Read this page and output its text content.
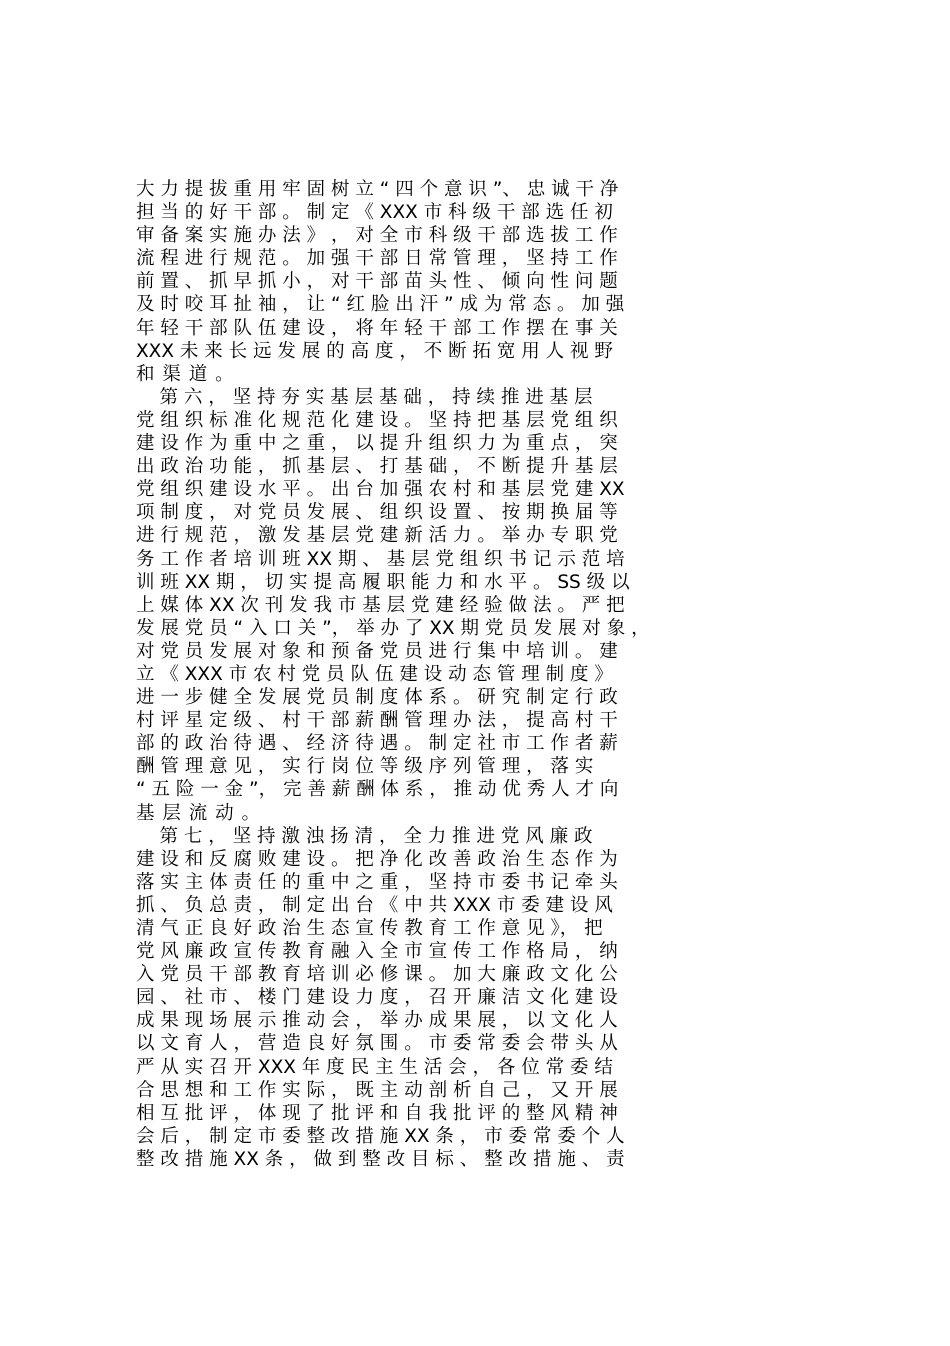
大 力 提 拔 重 用 牢 固 树 立 “ 四 个 意 识 ”、 忠 诚 干 净
担 当 的 好 干 部 。 制 定 《 XXX 市 科 级 干 部 选 任 初
审 备 案 实 施 办 法 》 ， 对 全 市 科 级 干 部 选 拔 工 作
流 程 进 行 规 范 。 加 强 干 部 日 常 管 理 ， 坚 持 工 作
前 置 、 抓 早 抓 小 ， 对 干 部 苗 头 性 、 倾 向 性 问 题
及 时 咬 耳 扯 袖 ， 让 “ 红 脸 出 汗 ” 成 为 常 态 。 加 强
年 轻 干 部 队 伍 建 设 ， 将 年 轻 干 部 工 作 摆 在 事 关
XXX 未 来 长 远 发 展 的 高 度 ， 不 断 拓 宽 用 人 视 野
和 渠 道 。
第 六 ， 坚 持 夯 实 基 层 基 础 ， 持 续 推 进 基 层
党 组 织 标 准 化 规 范 化 建 设 。 坚 持 把 基 层 党 组 织
建 设 作 为 重 中 之 重 ， 以 提 升 组 织 力 为 重 点 ， 突
出 政 治 功 能 ， 抓 基 层 、 打 基 础 ， 不 断 提 升 基 层
党 组 织 建 设 水 平 。 出 台 加 强 农 村 和 基 层 党 建 XX
项 制 度 ， 对 党 员 发 展 、 组 织 设 置 、 按 期 换 届 等
进 行 规 范 ， 激 发 基 层 党 建 新 活 力 。 举 办 专 职 党
务 工 作 者 培 训 班 XX 期 、 基 层 党 组 织 书 记 示 范 培
训 班 XX 期 ， 切 实 提 高 履 职 能 力 和 水 平 。 SS 级 以
上 媒 体 XX 次 刊 发 我 市 基 层 党 建 经 验 做 法 。 严 把
发 展 党 员 “ 入 口 关 ”， 举 办 了 XX 期 党 员 发 展 对 象 ，
对 党 员 发 展 对 象 和 预 备 党 员 进 行 集 中 培 训 。 建
立 《 XXX 市 农 村 党 员 队 伍 建 设 动 态 管 理 制 度 》
进 一 步 健 全 发 展 党 员 制 度 体 系 。 研 究 制 定 行 政
村 评 星 定 级 、 村 干 部 薪 酬 管 理 办 法 ， 提 高 村 干
部 的 政 治 待 遇 、 经 济 待 遇 。 制 定 社 市 工 作 者 薪
酬 管 理 意 见 ， 实 行 岗 位 等 级 序 列 管 理 ， 落 实
“ 五 险 一 金 ”， 完 善 薪 酬 体 系 ， 推 动 优 秀 人 才 向
基 层 流 动 。
第 七 ， 坚 持 激 浊 扬 清 ， 全 力 推 进 党 风 廉 政
建 设 和 反 腐 败 建 设 。 把 净 化 改 善 政 治 生 态 作 为
落 实 主 体 责 任 的 重 中 之 重 ， 坚 持 市 委 书 记 牵 头
抓 、 负 总 责 ， 制 定 出 台 《 中 共 XXX 市 委 建 设 风
清 气 正 良 好 政 治 生 态 宣 传 教 育 工 作 意 见 》， 把
党 风 廉 政 宣 传 教 育 融 入 全 市 宣 传 工 作 格 局 ， 纳
入 党 员 干 部 教 育 培 训 必 修 课 。 加 大 廉 政 文 化 公
园 、 社 市 、 楼 门 建 设 力 度 ， 召 开 廉 洁 文 化 建 设
成 果 现 场 展 示 推 动 会 ， 举 办 成 果 展 ， 以 文 化 人
以 文 育 人 ， 营 造 良 好 氛 围 。 市 委 常 委 会 带 头 从
严 从 实 召 开 XXX 年 度 民 主 生 活 会 ， 各 位 常 委 结
合 思 想 和 工 作 实 际 ， 既 主 动 剖 析 自 己 ， 又 开 展
相 互 批 评 ， 体 现 了 批 评 和 自 我 批 评 的 整 风 精 神
会 后 ， 制 定 市 委 整 改 措 施 XX 条 ， 市 委 常 委 个 人
整 改 措 施 XX 条 ， 做 到 整 改 目 标 、 整 改 措 施 、 责
